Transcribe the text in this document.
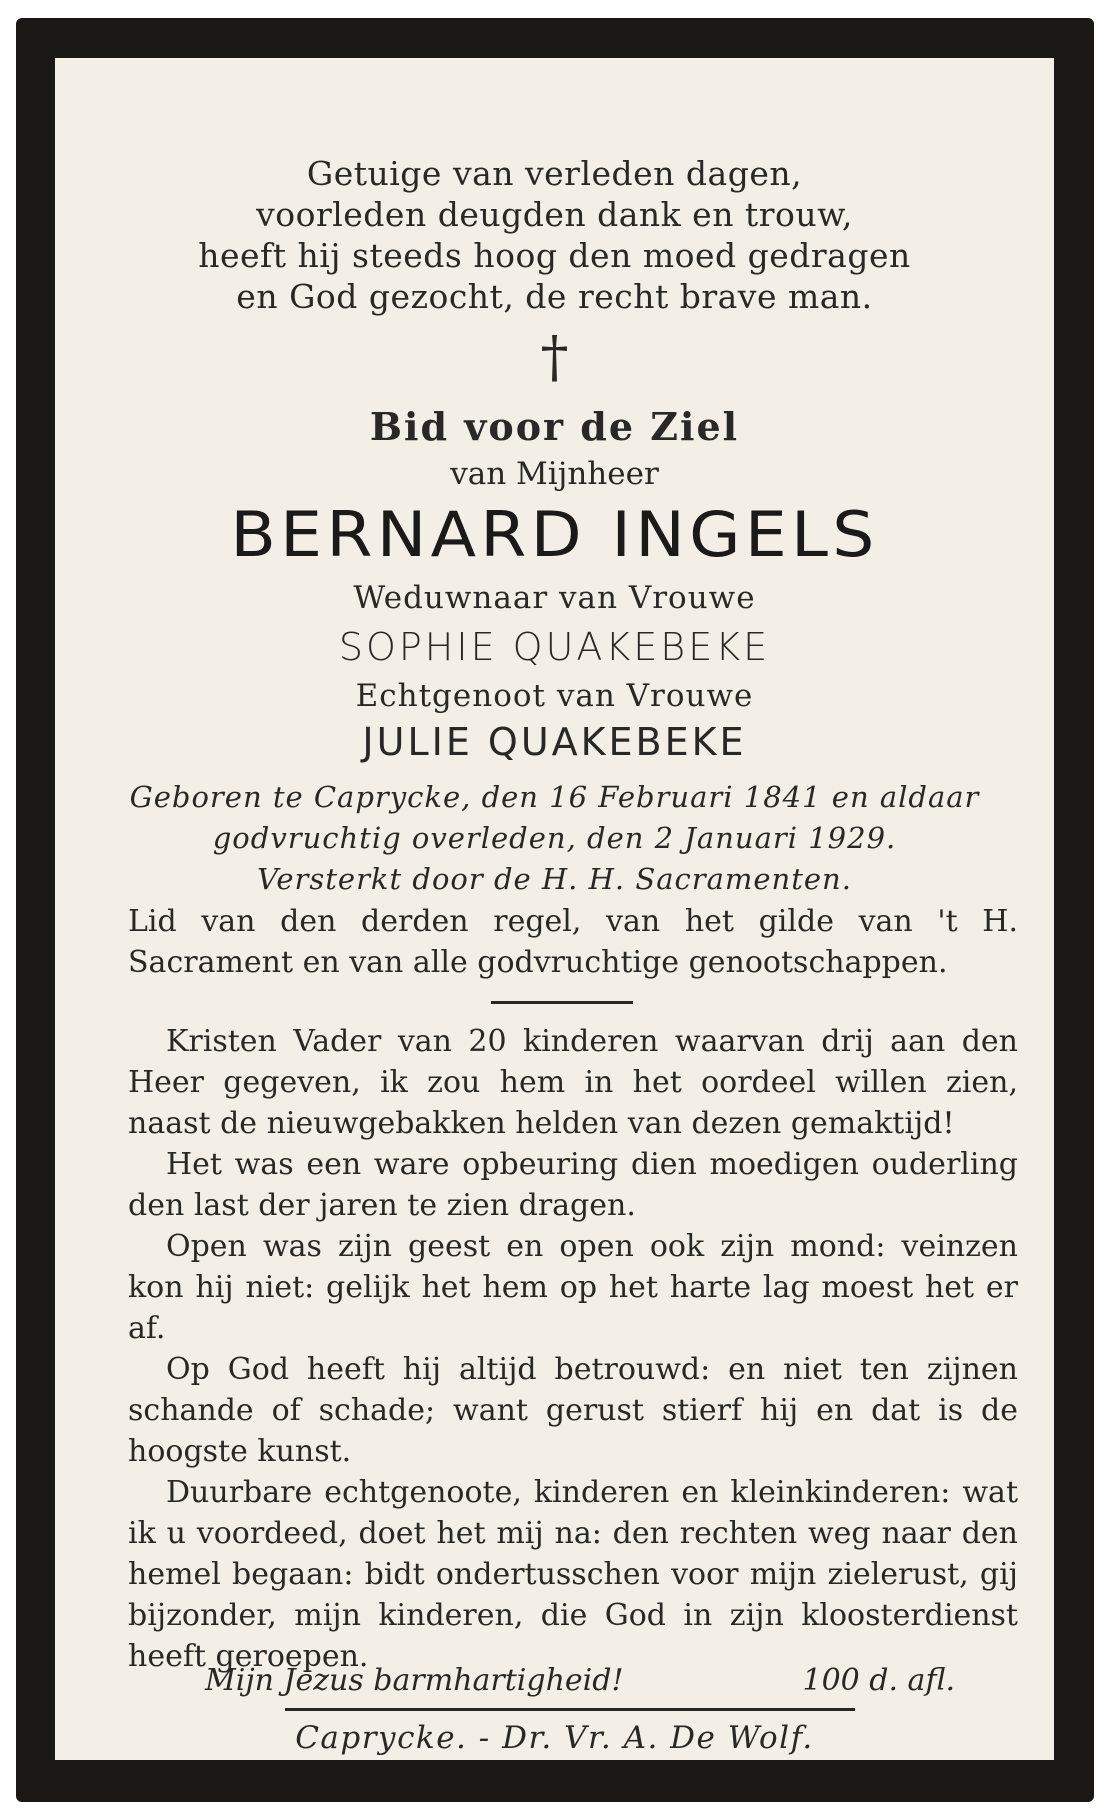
Getuige van verleden dagen,
voorleden deugden dank en trouw,
heeft hij steeds hoog den moed gedragen
en God gezocht, de recht brave man.
†
Bid voor de Ziel
van Mijnheer
BERNARD INGELS
Weduwnaar van Vrouwe
SOPHIE QUAKEBEKE
Echtgenoot van Vrouwe
JULIE QUAKEBEKE
Geboren te Caprycke, den 16 Februari 1841 en aldaar
godvruchtig overleden, den 2 Januari 1929.
Versterkt door de H. H. Sacramenten.
Lid van den derden regel, van het gilde van 't H. Sacrament en van alle godvruchtige genootschappen.
Kristen Vader van 20 kinderen waarvan drij aan den Heer gegeven, ik zou hem in het oordeel willen zien, naast de nieuwgebakken helden van dezen gemaktijd!
Het was een ware opbeuring dien moedigen ouderling den last der jaren te zien dragen.
Open was zijn geest en open ook zijn mond: veinzen kon hij niet: gelijk het hem op het harte lag moest het er af.
Op God heeft hij altijd betrouwd: en niet ten zijnen schande of schade; want gerust stierf hij en dat is de hoogste kunst.
Duurbare echtgenoote, kinderen en kleinkinderen: wat ik u voordeed, doet het mij na: den rechten weg naar den hemel begaan: bidt ondertusschen voor mijn zielerust, gij bijzonder, mijn kinderen, die God in zijn kloosterdienst heeft geroepen.
Mijn Jezus barmhartigheid!	100 d. afl.
Caprycke. - Dr. Vr. A. De Wolf.
